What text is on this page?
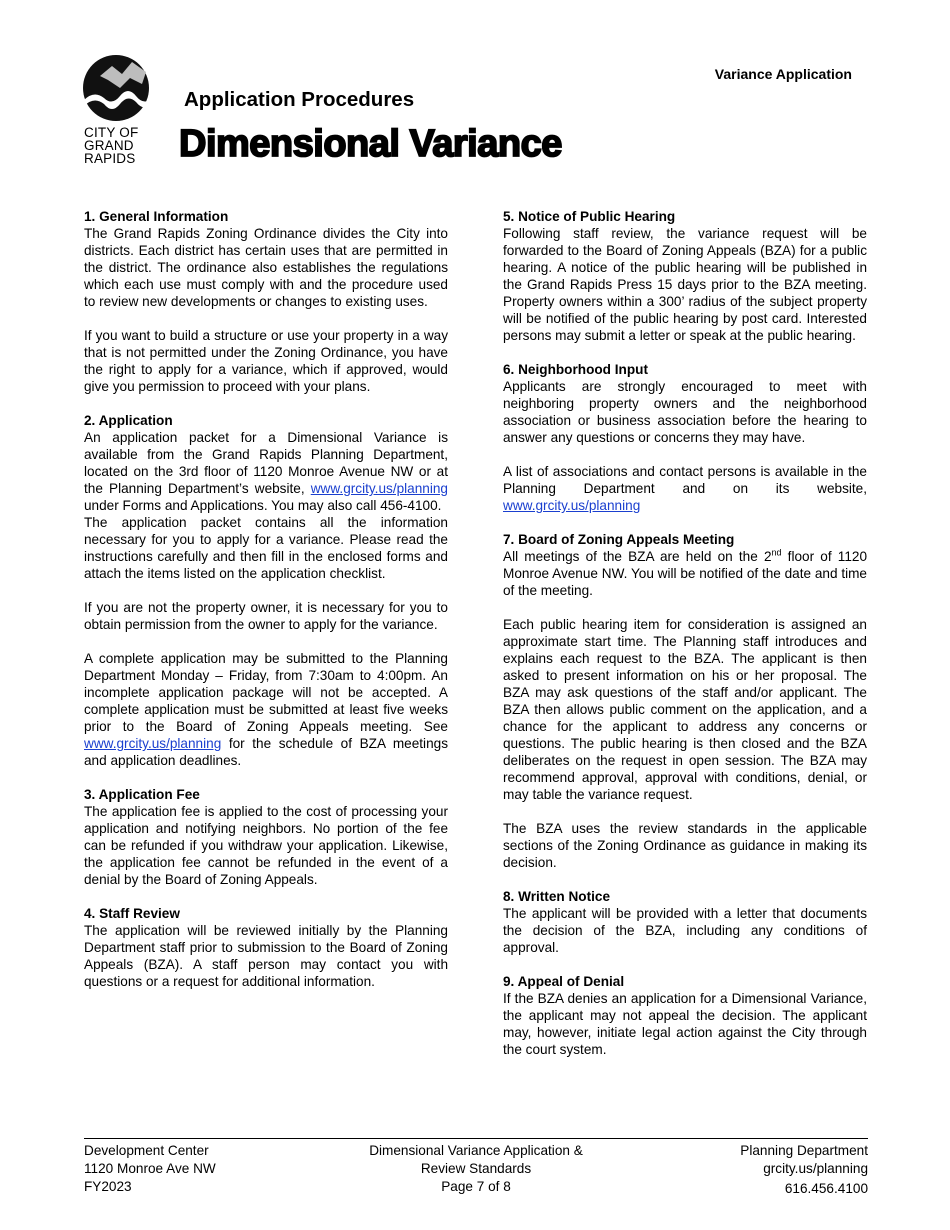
Variance Application
CITY OF
GRAND
RAPIDS
Application Procedures
Dimensional Variance
1. General Information

The Grand Rapids Zoning Ordinance divides the City into districts. Each district has certain uses that are permitted in the district. The ordinance also establishes the regulations which each use must comply with and the procedure used to review new developments or changes to existing uses.

If you want to build a structure or use your property in a way that is not permitted under the Zoning Ordinance, you have the right to apply for a variance, which if approved, would give you permission to proceed with your plans.

2. Application

An application packet for a Dimensional Variance is available from the Grand Rapids Planning Department, located on the 3rd floor of 1120 Monroe Avenue NW or at the Planning Department’s website, www.grcity.us/planning under Forms and Applications. You may also call 456-4100.

The application packet contains all the information necessary for you to apply for a variance. Please read the instructions carefully and then fill in the enclosed forms and attach the items listed on the application checklist.

If you are not the property owner, it is necessary for you to obtain permission from the owner to apply for the variance.

A complete application may be submitted to the Planning Department Monday – Friday, from 7:30am to 4:00pm. An incomplete application package will not be accepted. A complete application must be submitted at least five weeks prior to the Board of Zoning Appeals meeting. See www.grcity.us/planning for the schedule of BZA meetings and application deadlines.

3. Application Fee

The application fee is applied to the cost of processing your application and notifying neighbors. No portion of the fee can be refunded if you withdraw your application. Likewise, the application fee cannot be refunded in the event of a denial by the Board of Zoning Appeals.

4. Staff Review

The application will be reviewed initially by the Planning Department staff prior to submission to the Board of Zoning Appeals (BZA). A staff person may contact you with questions or a request for additional information.

5. Notice of Public Hearing

Following staff review, the variance request will be forwarded to the Board of Zoning Appeals (BZA) for a public hearing. A notice of the public hearing will be published in the Grand Rapids Press 15 days prior to the BZA meeting. Property owners within a 300’ radius of the subject property will be notified of the public hearing by post card. Interested persons may submit a letter or speak at the public hearing.

6. Neighborhood Input

Applicants are strongly encouraged to meet with neighboring property owners and the neighborhood association or business association before the hearing to answer any questions or concerns they may have.

A list of associations and contact persons is available in the Planning Department and on its website, www.grcity.us/planning

7. Board of Zoning Appeals Meeting

All meetings of the BZA are held on the 2nd floor of 1120 Monroe Avenue NW. You will be notified of the date and time of the meeting.

Each public hearing item for consideration is assigned an approximate start time. The Planning staff introduces and explains each request to the BZA. The applicant is then asked to present information on his or her proposal. The BZA may ask questions of the staff and/or applicant. The BZA then allows public comment on the application, and a chance for the applicant to address any concerns or questions. The public hearing is then closed and the BZA deliberates on the request in open session. The BZA may recommend approval, approval with conditions, denial, or may table the variance request.

The BZA uses the review standards in the applicable sections of the Zoning Ordinance as guidance in making its decision.

8. Written Notice

The applicant will be provided with a letter that documents the decision of the BZA, including any conditions of approval.

9. Appeal of Denial

If the BZA denies an application for a Dimensional Variance, the applicant may not appeal the decision. The applicant may, however, initiate legal action against the City through the court system.

Development Center
1120 Monroe Ave NW
FY2023
Dimensional Variance Application &
Review Standards
Page 7 of 8
Planning Department
grcity.us/planning
616.456.4100
